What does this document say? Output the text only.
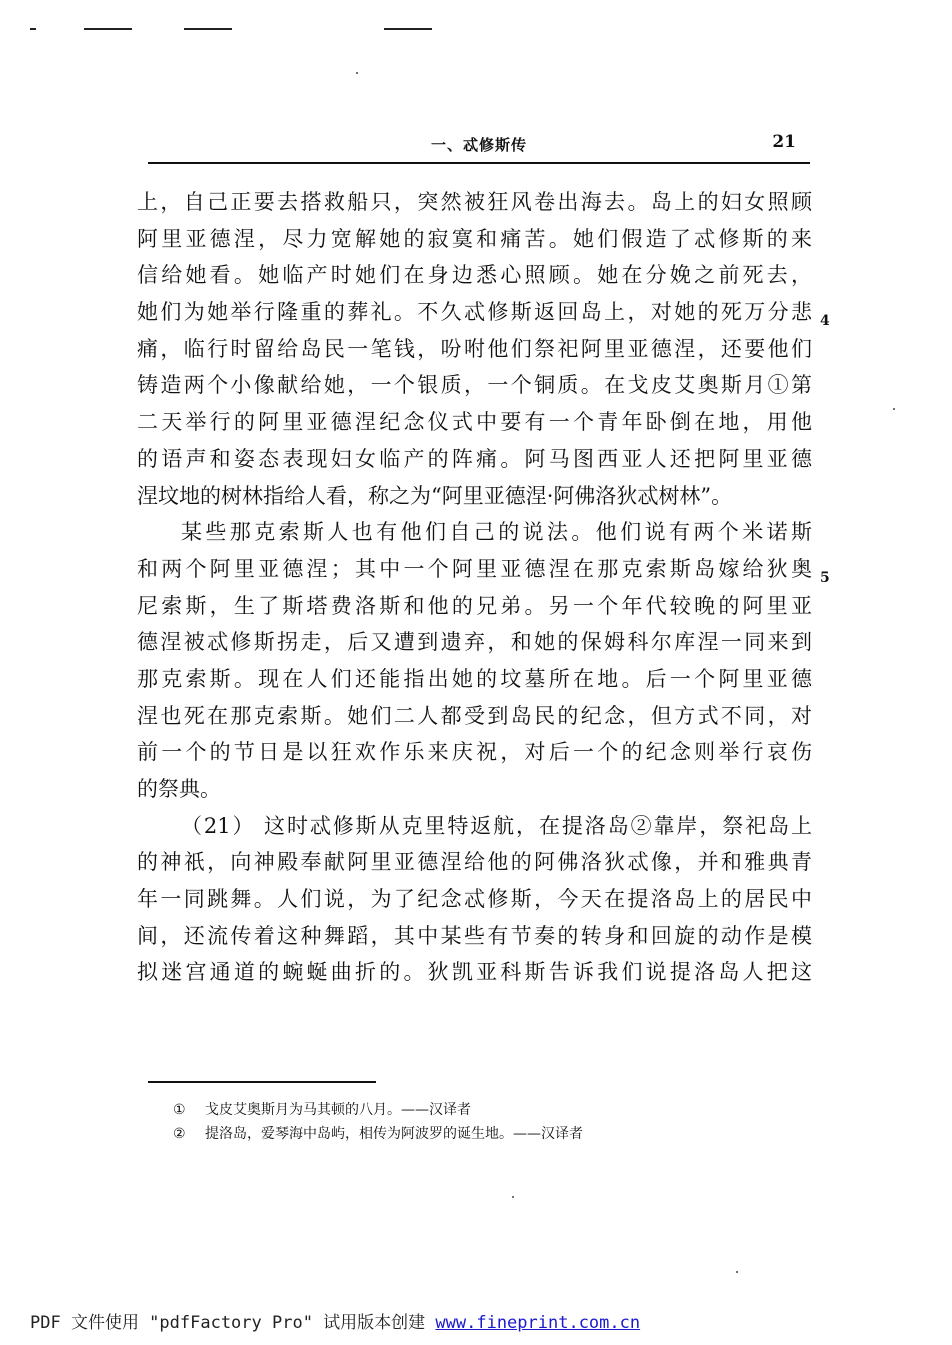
一、忒修斯传	21
上，自己正要去搭救船只，突然被狂风卷出海去。岛上的妇女照顾
阿里亚德涅，尽力宽解她的寂寞和痛苦。她们假造了忒修斯的来
信给她看。她临产时她们在身边悉心照顾。她在分娩之前死去，
她们为她举行隆重的葬礼。不久忒修斯返回岛上，对她的死万分悲
痛，临行时留给岛民一笔钱，吩咐他们祭祀阿里亚德涅，还要他们
铸造两个小像献给她，一个银质，一个铜质。在戈皮艾奥斯月①第
二天举行的阿里亚德涅纪念仪式中要有一个青年卧倒在地，用他
的语声和姿态表现妇女临产的阵痛。阿马图西亚人还把阿里亚德
涅坟地的树林指给人看，称之为“阿里亚德涅·阿佛洛狄忒树林”。
某些那克索斯人也有他们自己的说法。他们说有两个米诺斯
和两个阿里亚德涅；其中一个阿里亚德涅在那克索斯岛嫁给狄奥
尼索斯，生了斯塔费洛斯和他的兄弟。另一个年代较晚的阿里亚
德涅被忒修斯拐走，后又遭到遗弃，和她的保姆科尔库涅一同来到
那克索斯。现在人们还能指出她的坟墓所在地。后一个阿里亚德
涅也死在那克索斯。她们二人都受到岛民的纪念，但方式不同，对
前一个的节日是以狂欢作乐来庆祝，对后一个的纪念则举行哀伤
的祭典。
（21） 这时忒修斯从克里特返航，在提洛岛②靠岸，祭祀岛上
的神祇，向神殿奉献阿里亚德涅给他的阿佛洛狄忒像，并和雅典青
年一同跳舞。人们说，为了纪念忒修斯，今天在提洛岛上的居民中
间，还流传着这种舞蹈，其中某些有节奏的转身和回旋的动作是模
拟迷宫通道的蜿蜒曲折的。狄凯亚科斯告诉我们说提洛岛人把这
4
5
① 戈皮艾奥斯月为马其顿的八月。——汉译者
② 提洛岛，爱琴海中岛屿，相传为阿波罗的诞生地。——汉译者
PDF 文件使用 "pdfFactory Pro" 试用版本创建 www.fineprint.com.cn
